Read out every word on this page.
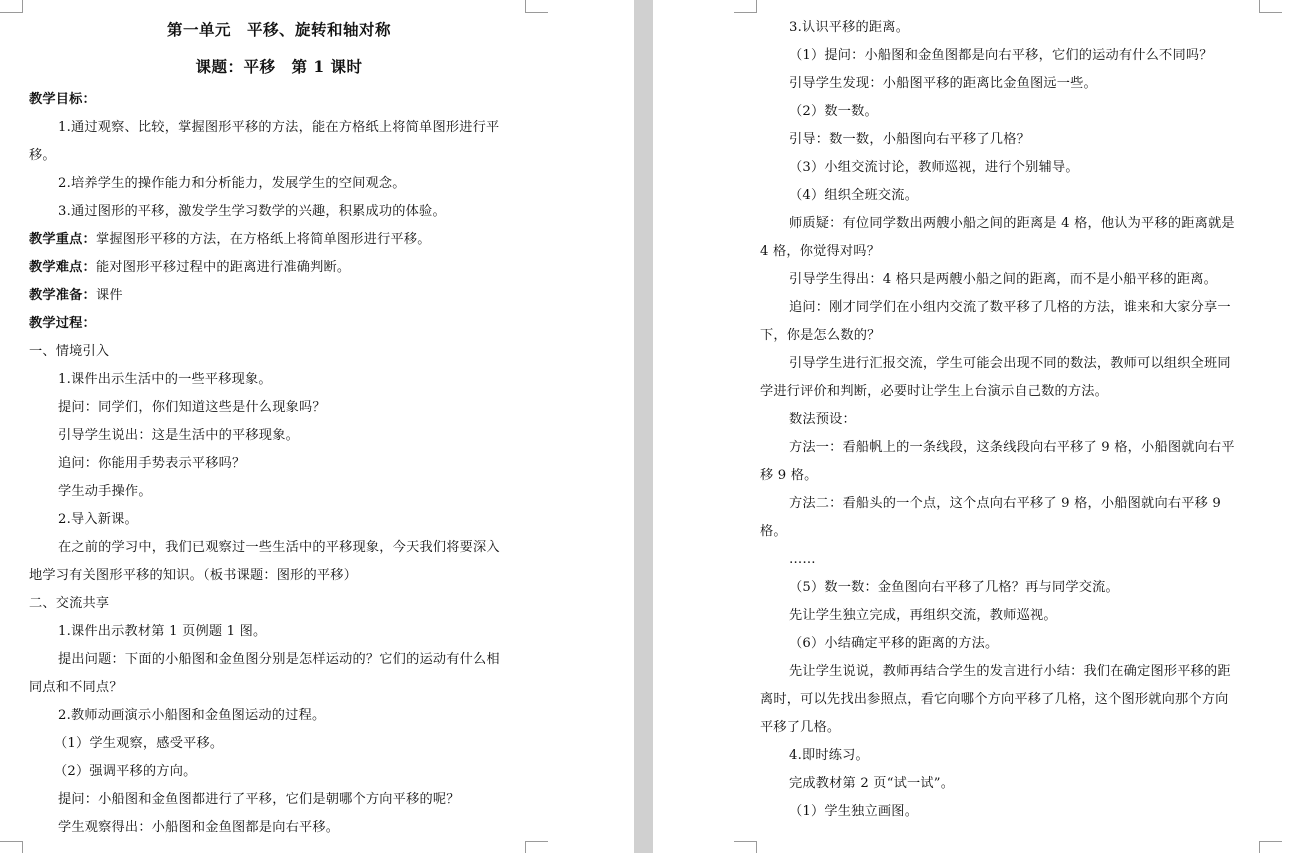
第一单元　平移、旋转和轴对称
课题：平移　第 1 课时
教学目标：
1.通过观察、比较，掌握图形平移的方法，能在方格纸上将简单图形进行平
移。
2.培养学生的操作能力和分析能力，发展学生的空间观念。
3.通过图形的平移，激发学生学习数学的兴趣，积累成功的体验。
教学重点：掌握图形平移的方法，在方格纸上将简单图形进行平移。
教学难点：能对图形平移过程中的距离进行准确判断。
教学准备：课件
教学过程：
一、情境引入
1.课件出示生活中的一些平移现象。
提问：同学们，你们知道这些是什么现象吗？
引导学生说出：这是生活中的平移现象。
追问：你能用手势表示平移吗？
学生动手操作。
2.导入新课。
在之前的学习中，我们已观察过一些生活中的平移现象，今天我们将要深入
地学习有关图形平移的知识。（板书课题：图形的平移）
二、交流共享
1.课件出示教材第 1 页例题 1 图。
提出问题：下面的小船图和金鱼图分别是怎样运动的？它们的运动有什么相
同点和不同点？
2.教师动画演示小船图和金鱼图运动的过程。
（1）学生观察，感受平移。
（2）强调平移的方向。
提问：小船图和金鱼图都进行了平移，它们是朝哪个方向平移的呢？
学生观察得出：小船图和金鱼图都是向右平移。
3.认识平移的距离。
（1）提问：小船图和金鱼图都是向右平移，它们的运动有什么不同吗？
引导学生发现：小船图平移的距离比金鱼图远一些。
（2）数一数。
引导：数一数，小船图向右平移了几格？
（3）小组交流讨论，教师巡视，进行个别辅导。
（4）组织全班交流。
师质疑：有位同学数出两艘小船之间的距离是 4 格，他认为平移的距离就是
4 格，你觉得对吗？
引导学生得出：4 格只是两艘小船之间的距离，而不是小船平移的距离。
追问：刚才同学们在小组内交流了数平移了几格的方法，谁来和大家分享一
下，你是怎么数的？
引导学生进行汇报交流，学生可能会出现不同的数法，教师可以组织全班同
学进行评价和判断，必要时让学生上台演示自己数的方法。
数法预设：
方法一：看船帆上的一条线段，这条线段向右平移了 9 格，小船图就向右平
移 9 格。
方法二：看船头的一个点，这个点向右平移了 9 格，小船图就向右平移 9
格。
……
（5）数一数：金鱼图向右平移了几格？再与同学交流。
先让学生独立完成，再组织交流，教师巡视。
（6）小结确定平移的距离的方法。
先让学生说说，教师再结合学生的发言进行小结：我们在确定图形平移的距
离时，可以先找出参照点，看它向哪个方向平移了几格，这个图形就向那个方向
平移了几格。
4.即时练习。
完成教材第 2 页“试一试”。
（1）学生独立画图。
